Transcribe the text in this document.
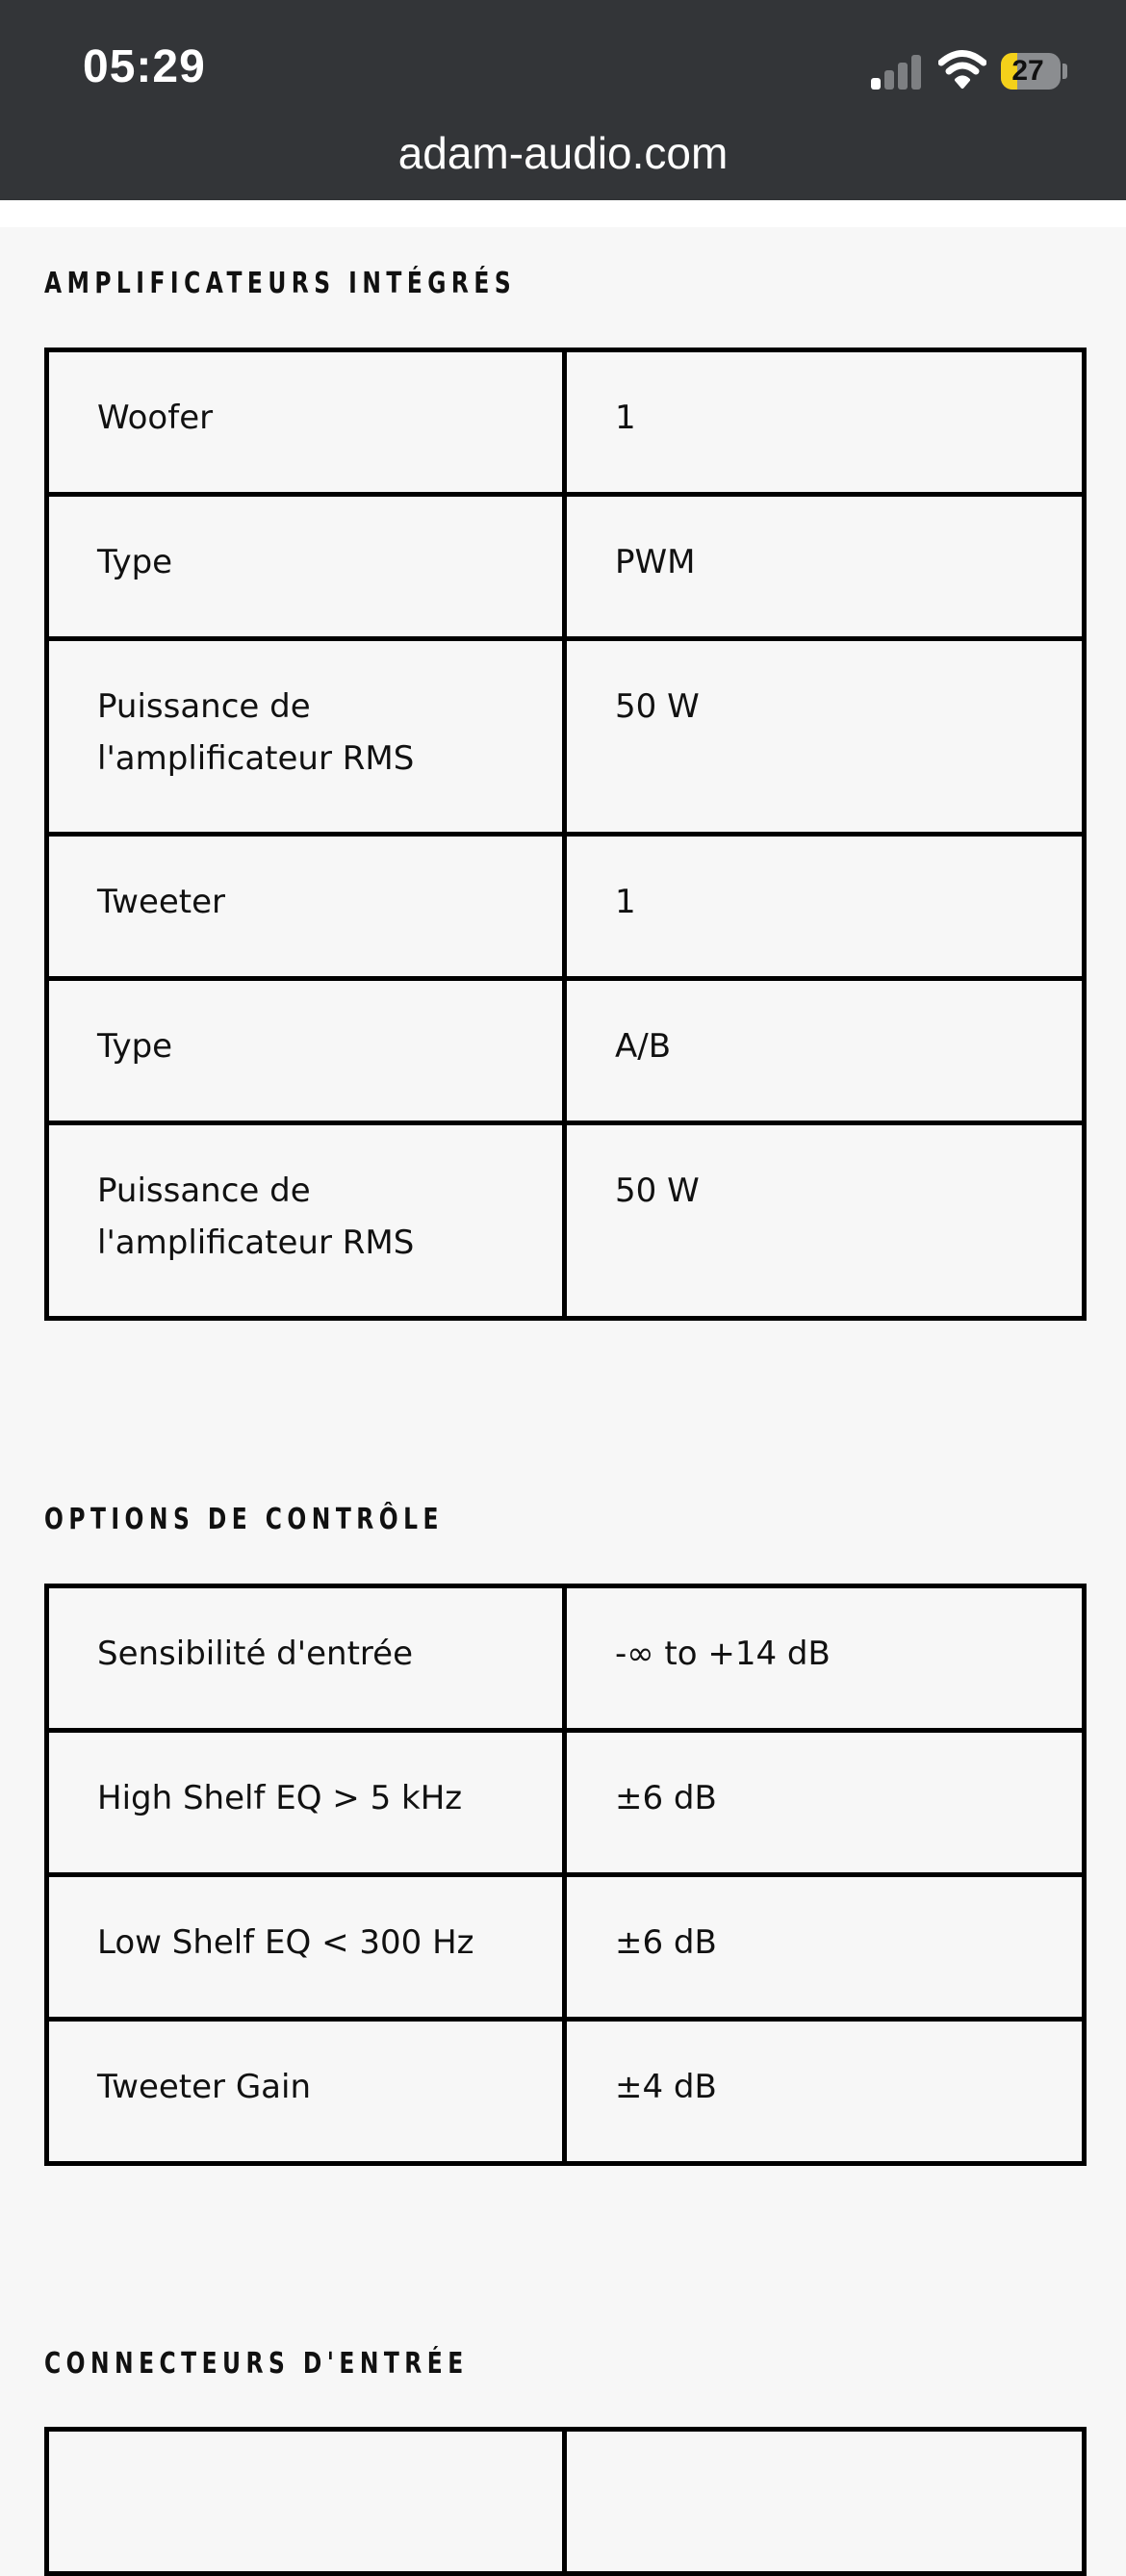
05:29	27
adam-audio.com
AMPLIFICATEURS INTÉGRÉS
Woofer	1

Type	PWM

Puissance de l'amplificateur RMS	50 W

Tweeter	1

Type	A/B

Puissance de l'amplificateur RMS	50 W
OPTIONS DE CONTRÔLE
Sensibilité d'entrée	-∞ to +14 dB

High Shelf EQ > 5 kHz	±6 dB

Low Shelf EQ < 300 Hz	±6 dB

Tweeter Gain	±4 dB
CONNECTEURS D'ENTRÉE
